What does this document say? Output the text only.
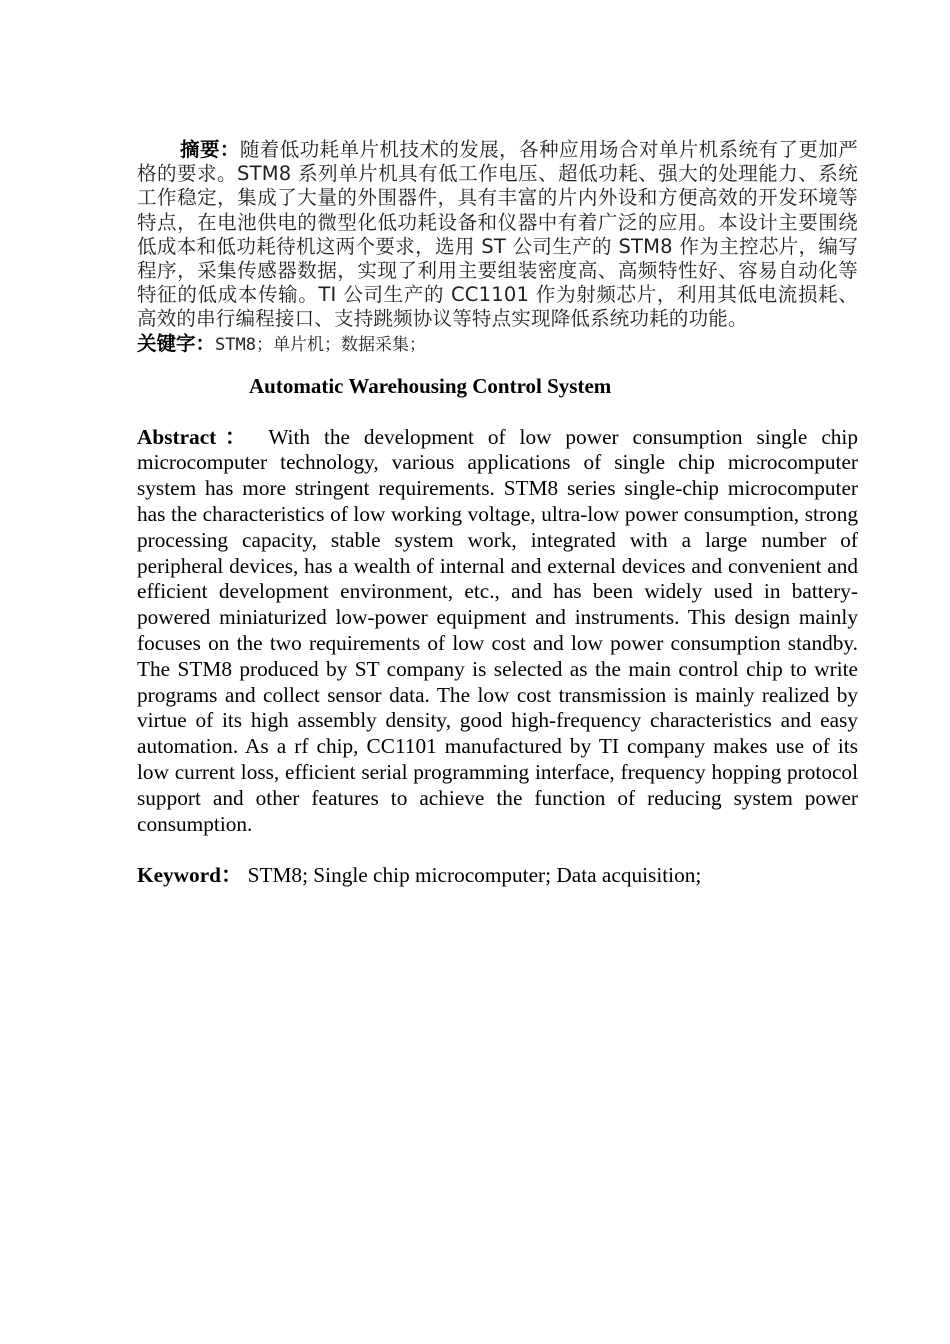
摘要：随着低功耗单片机技术的发展，各种应用场合对单片机系统有了更加严格的要求。STM8 系列单片机具有低工作电压、超低功耗、强大的处理能力、系统工作稳定，集成了大量的外围器件，具有丰富的片内外设和方便高效的开发环境等特点，在电池供电的微型化低功耗设备和仪器中有着广泛的应用。本设计主要围绕低成本和低功耗待机这两个要求，选用 ST 公司生产的 STM8 作为主控芯片，编写程序，采集传感器数据，实现了利用主要组装密度高、高频特性好、容易自动化等特征的低成本传输。TI 公司生产的 CC1101 作为射频芯片，利用其低电流损耗、高效的串行编程接口、支持跳频协议等特点实现降低系统功耗的功能。

关键字：STM8；单片机；数据采集；

Automatic Warehousing Control System

Abstract： With the development of low power consumption single chip microcomputer technology, various applications of single chip microcomputer system has more stringent requirements. STM8 series single-chip microcomputer has the characteristics of low working voltage, ultra-low power consumption, strong processing capacity, stable system work, integrated with a large number of peripheral devices, has a wealth of internal and external devices and convenient and efficient development environment, etc., and has been widely used in battery-powered miniaturized low-power equipment and instruments. This design mainly focuses on the two requirements of low cost and low power consumption standby. The STM8 produced by ST company is selected as the main control chip to write programs and collect sensor data. The low cost transmission is mainly realized by virtue of its high assembly density, good high-frequency characteristics and easy automation. As a rf chip, CC1101 manufactured by TI company makes use of its low current loss, efficient serial programming interface, frequency hopping protocol support and other features to achieve the function of reducing system power consumption.

Keyword： STM8; Single chip microcomputer; Data acquisition;
